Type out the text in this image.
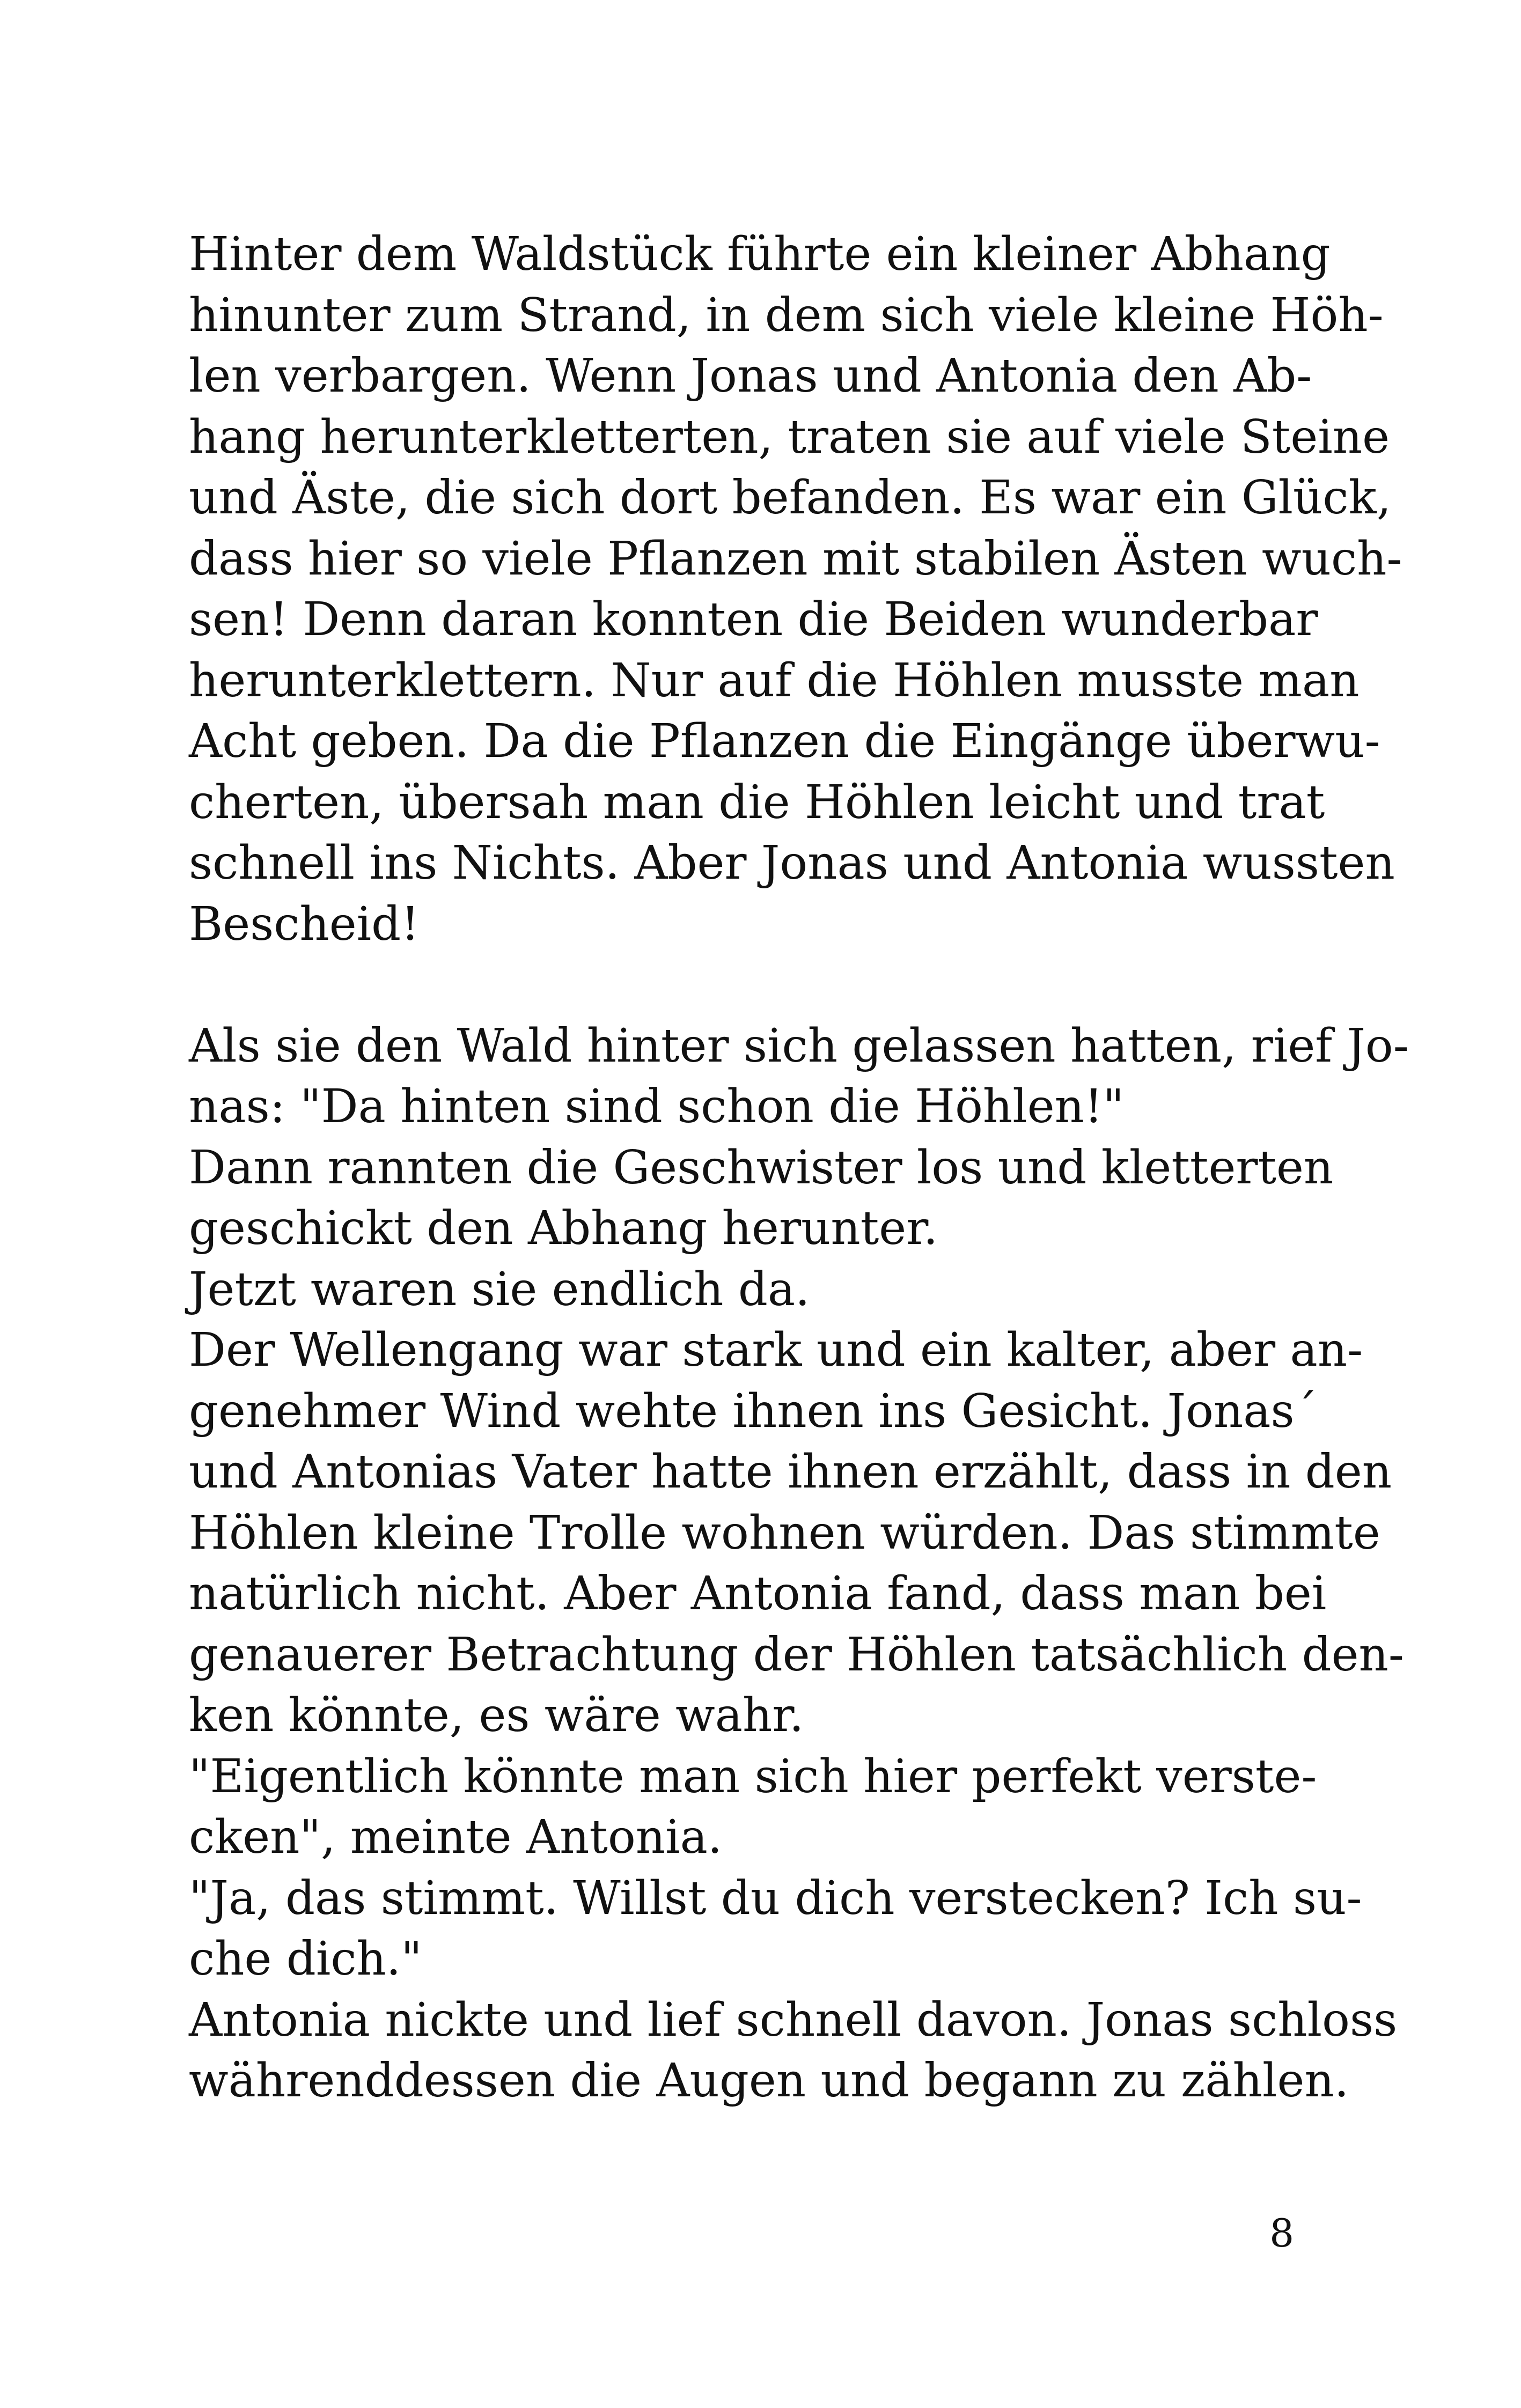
Hinter dem Waldstück führte ein kleiner Abhang
hinunter zum Strand, in dem sich viele kleine Höh-
len verbargen. Wenn Jonas und Antonia den Ab-
hang herunterkletterten, traten sie auf viele Steine
und Äste, die sich dort befanden. Es war ein Glück,
dass hier so viele Pflanzen mit stabilen Ästen wuch-
sen! Denn daran konnten die Beiden wunderbar
herunterklettern. Nur auf die Höhlen musste man
Acht geben. Da die Pflanzen die Eingänge überwu-
cherten, übersah man die Höhlen leicht und trat
schnell ins Nichts. Aber Jonas und Antonia wussten
Bescheid!
Als sie den Wald hinter sich gelassen hatten, rief Jo-
nas: "Da hinten sind schon die Höhlen!"
Dann rannten die Geschwister los und kletterten
geschickt den Abhang herunter.
Jetzt waren sie endlich da.
Der Wellengang war stark und ein kalter, aber an-
genehmer Wind wehte ihnen ins Gesicht. Jonas´
und Antonias Vater hatte ihnen erzählt, dass in den
Höhlen kleine Trolle wohnen würden. Das stimmte
natürlich nicht. Aber Antonia fand, dass man bei
genauerer Betrachtung der Höhlen tatsächlich den-
ken könnte, es wäre wahr.
"Eigentlich könnte man sich hier perfekt verste-
cken", meinte Antonia.
"Ja, das stimmt. Willst du dich verstecken? Ich su-
che dich."
Antonia nickte und lief schnell davon. Jonas schloss
währenddessen die Augen und begann zu zählen.
8
